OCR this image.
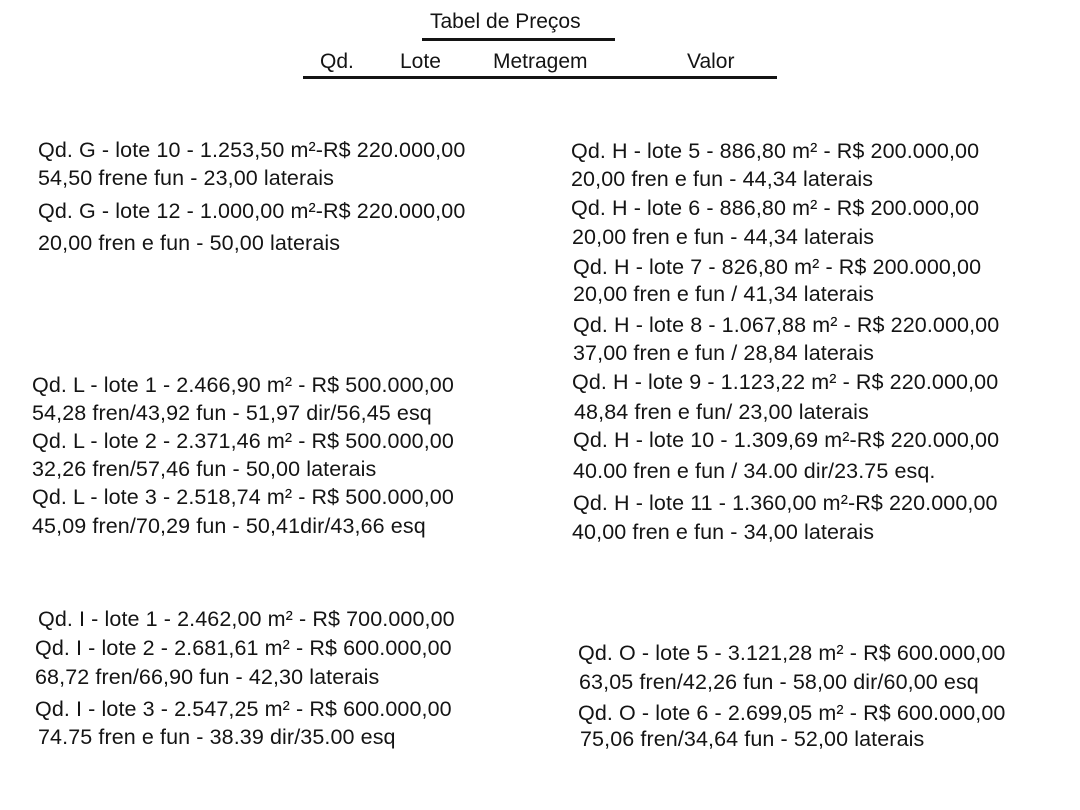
Tabel de Preços
Qd. Lote Metragem	Valor
Qd. G - lote 10 - 1.253,50 m²-R$ 220.000,00
54,50 frene fun - 23,00 laterais
Qd. G - lote 12 - 1.000,00 m²-R$ 220.000,00
20,00 fren e fun - 50,00 laterais
Qd. H - lote 5 - 886,80 m² - R$ 200.000,00
20,00 fren e fun - 44,34 laterais
Qd. H - lote 6 - 886,80 m² - R$ 200.000,00
20,00 fren e fun - 44,34 laterais
Qd. H - lote 7 - 826,80 m² - R$ 200.000,00
20,00 fren e fun / 41,34 laterais
Qd. H - lote 8 - 1.067,88 m² - R$ 220.000,00
37,00 fren e fun / 28,84 laterais
Qd. L - lote 1 - 2.466,90 m² - R$ 500.000,00
54,28 fren/43,92 fun - 51,97 dir/56,45 esq
Qd. H - lote 9 - 1.123,22 m² - R$ 220.000,00
48,84 fren e fun/ 23,00 laterais
Qd. L - lote 2 - 2.371,46 m² - R$ 500.000,00
32,26 fren/57,46 fun - 50,00 laterais
Qd. H - lote 10 - 1.309,69 m²-R$ 220.000,00
40.00 fren e fun / 34.00 dir/23.75 esq.
Qd. L - lote 3 - 2.518,74 m² - R$ 500.000,00
45,09 fren/70,29 fun - 50,41dir/43,66 esq
Qd. H - lote 11 - 1.360,00 m²-R$ 220.000,00
40,00 fren e fun - 34,00 laterais
Qd. I - lote 1 - 2.462,00 m² - R$ 700.000,00
Qd. I - lote 2 - 2.681,61 m² - R$ 600.000,00
68,72 fren/66,90 fun - 42,30 laterais
Qd. O - lote 5 - 3.121,28 m² - R$ 600.000,00
63,05 fren/42,26 fun - 58,00 dir/60,00 esq
Qd. I - lote 3 - 2.547,25 m² - R$ 600.000,00
74.75 fren e fun - 38.39 dir/35.00 esq
Qd. O - lote 6 - 2.699,05 m² - R$ 600.000,00
75,06 fren/34,64 fun - 52,00 laterais
